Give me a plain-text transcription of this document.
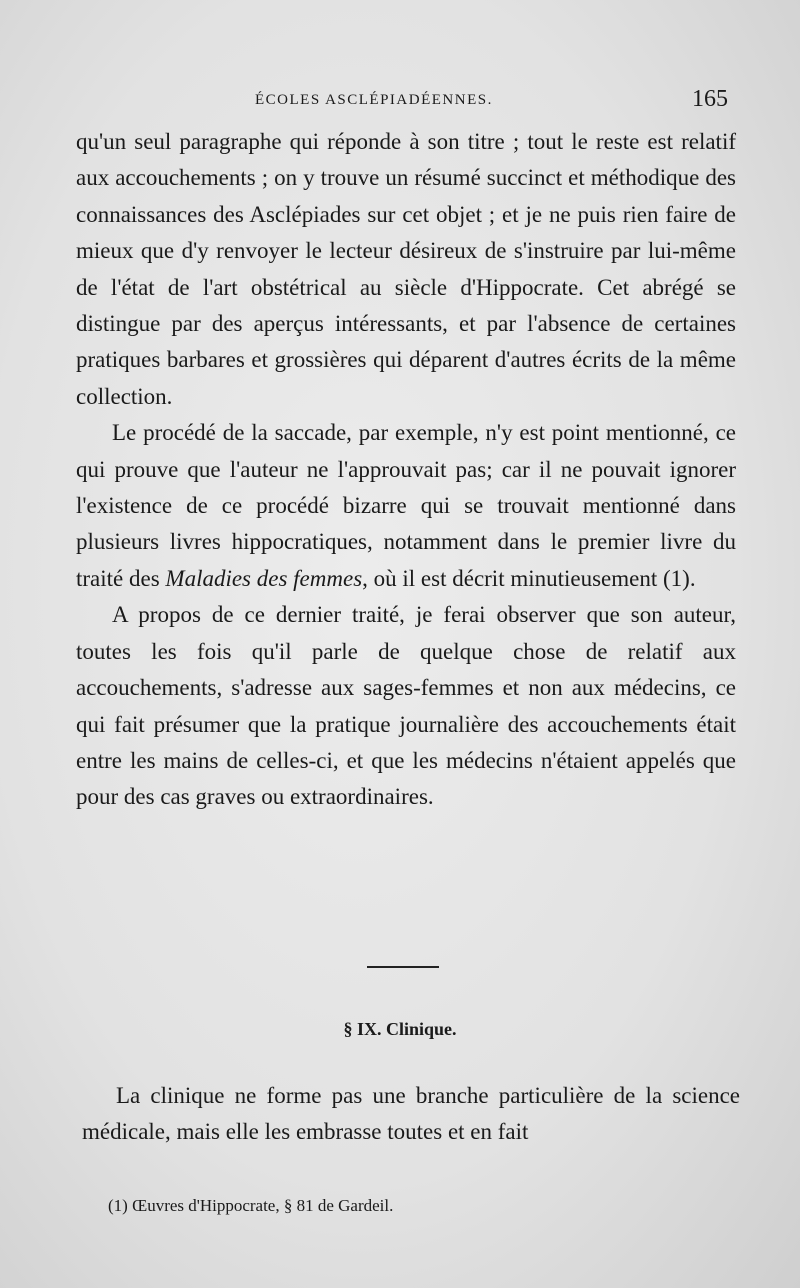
ÉCOLES ASCLÉPIADÉENNES.	165

qu'un seul paragraphe qui réponde à son titre ; tout le reste est relatif aux accouchements ; on y trouve un résumé succinct et méthodique des connaissances des Asclépiades sur cet objet ; et je ne puis rien faire de mieux que d'y renvoyer le lecteur désireux de s'instruire par lui-même de l'état de l'art obstétrical au siècle d'Hippocrate. Cet abrégé se distingue par des aperçus intéressants, et par l'absence de certaines pratiques barbares et grossières qui déparent d'autres écrits de la même collection.

Le procédé de la saccade, par exemple, n'y est point mentionné, ce qui prouve que l'auteur ne l'approuvait pas; car il ne pouvait ignorer l'existence de ce procédé bizarre qui se trouvait mentionné dans plusieurs livres hippocratiques, notamment dans le premier livre du traité des Maladies des femmes, où il est décrit minutieusement (1).

A propos de ce dernier traité, je ferai observer que son auteur, toutes les fois qu'il parle de quelque chose de relatif aux accouchements, s'adresse aux sages-femmes et non aux médecins, ce qui fait présumer que la pratique journalière des accouchements était entre les mains de celles-ci, et que les médecins n'étaient appelés que pour des cas graves ou extraordinaires.

§ IX. Clinique.

La clinique ne forme pas une branche particulière de la science médicale, mais elle les embrasse toutes et en fait

(1) Œuvres d'Hippocrate, § 81 de Gardeil.
